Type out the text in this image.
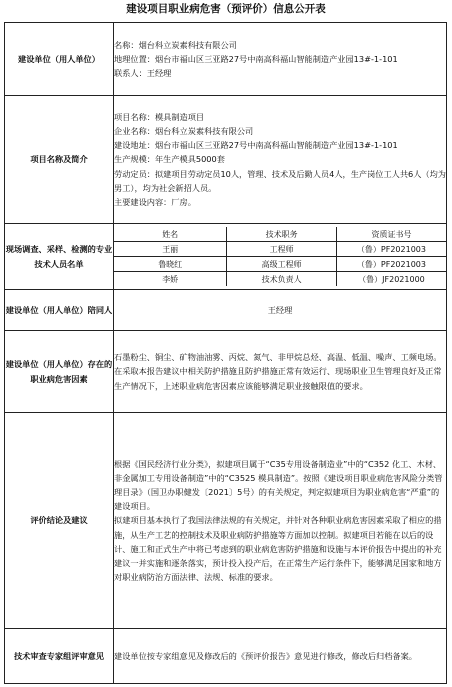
建设项目职业病危害（预评价）信息公开表
建设单位（用人单位）	
名称：烟台科立炭素科技有限公司
地理位置：烟台市福山区三亚路27号中南高科福山智能制造产业园13#-1-101
联系人：王经理

项目名称及简介	
项目名称：模具制造项目
企业名称：烟台科立炭素科技有限公司
建设地址：烟台市福山区三亚路27号中南高科福山智能制造产业园13#-1-101
生产规模：年生产模具5000套
劳动定员：拟建项目劳动定员10人，管理、技术及后勤人员4人，生产岗位工人共6人（均为男工），均为社会新招人员。
主要建设内容：厂房。

现场调查、采样、检测的专业技术人员名单	
姓名	技术职务	资质证书号
王丽	工程师	（鲁）PF2021003
鲁晓红	高级工程师	（鲁）PF2021003
李娇	技术负责人	（鲁）JF2021000

建设单位（用人单位）陪同人	王经理
建设单位（用人单位）存在的职业病危害因素	石墨粉尘、铜尘、矿物油油雾、丙烷、氮气、非甲烷总烃、高温、低温、噪声、工频电场。在采取本报告建议中相关防护措施且防护措施正常有效运行、现场职业卫生管理良好及正常生产情况下，上述职业病危害因素应该能够满足职业接触限值的要求。
评价结论及建议	
根据《国民经济行业分类》，拟建项目属于“C35专用设备制造业”中的“C352 化工、木材、非金属加工专用设备制造”中的“C3525 模具制造”。按照《建设项目职业病危害风险分类管理目录》（国卫办职健发〔2021〕5号）的有关规定，判定拟建项目为职业病危害“严重”的建设项目。
拟建项目基本执行了我国法律法规的有关规定，并针对各种职业病危害因素采取了相应的措施，从生产工艺的控制技术及职业病防护措施等方面加以控制。拟建项目若能在以后的设计、施工和正式生产中将已考虑到的职业病危害防护措施和设施与本评价报告中提出的补充建议一并实施和逐条落实，预计投入投产后，在正常生产运行条件下，能够满足国家和地方对职业病防治方面法律、法规、标准的要求。

技术审查专家组评审意见	建设单位按专家组意见及修改后的《预评价报告》意见进行修改，修改后归档备案。
